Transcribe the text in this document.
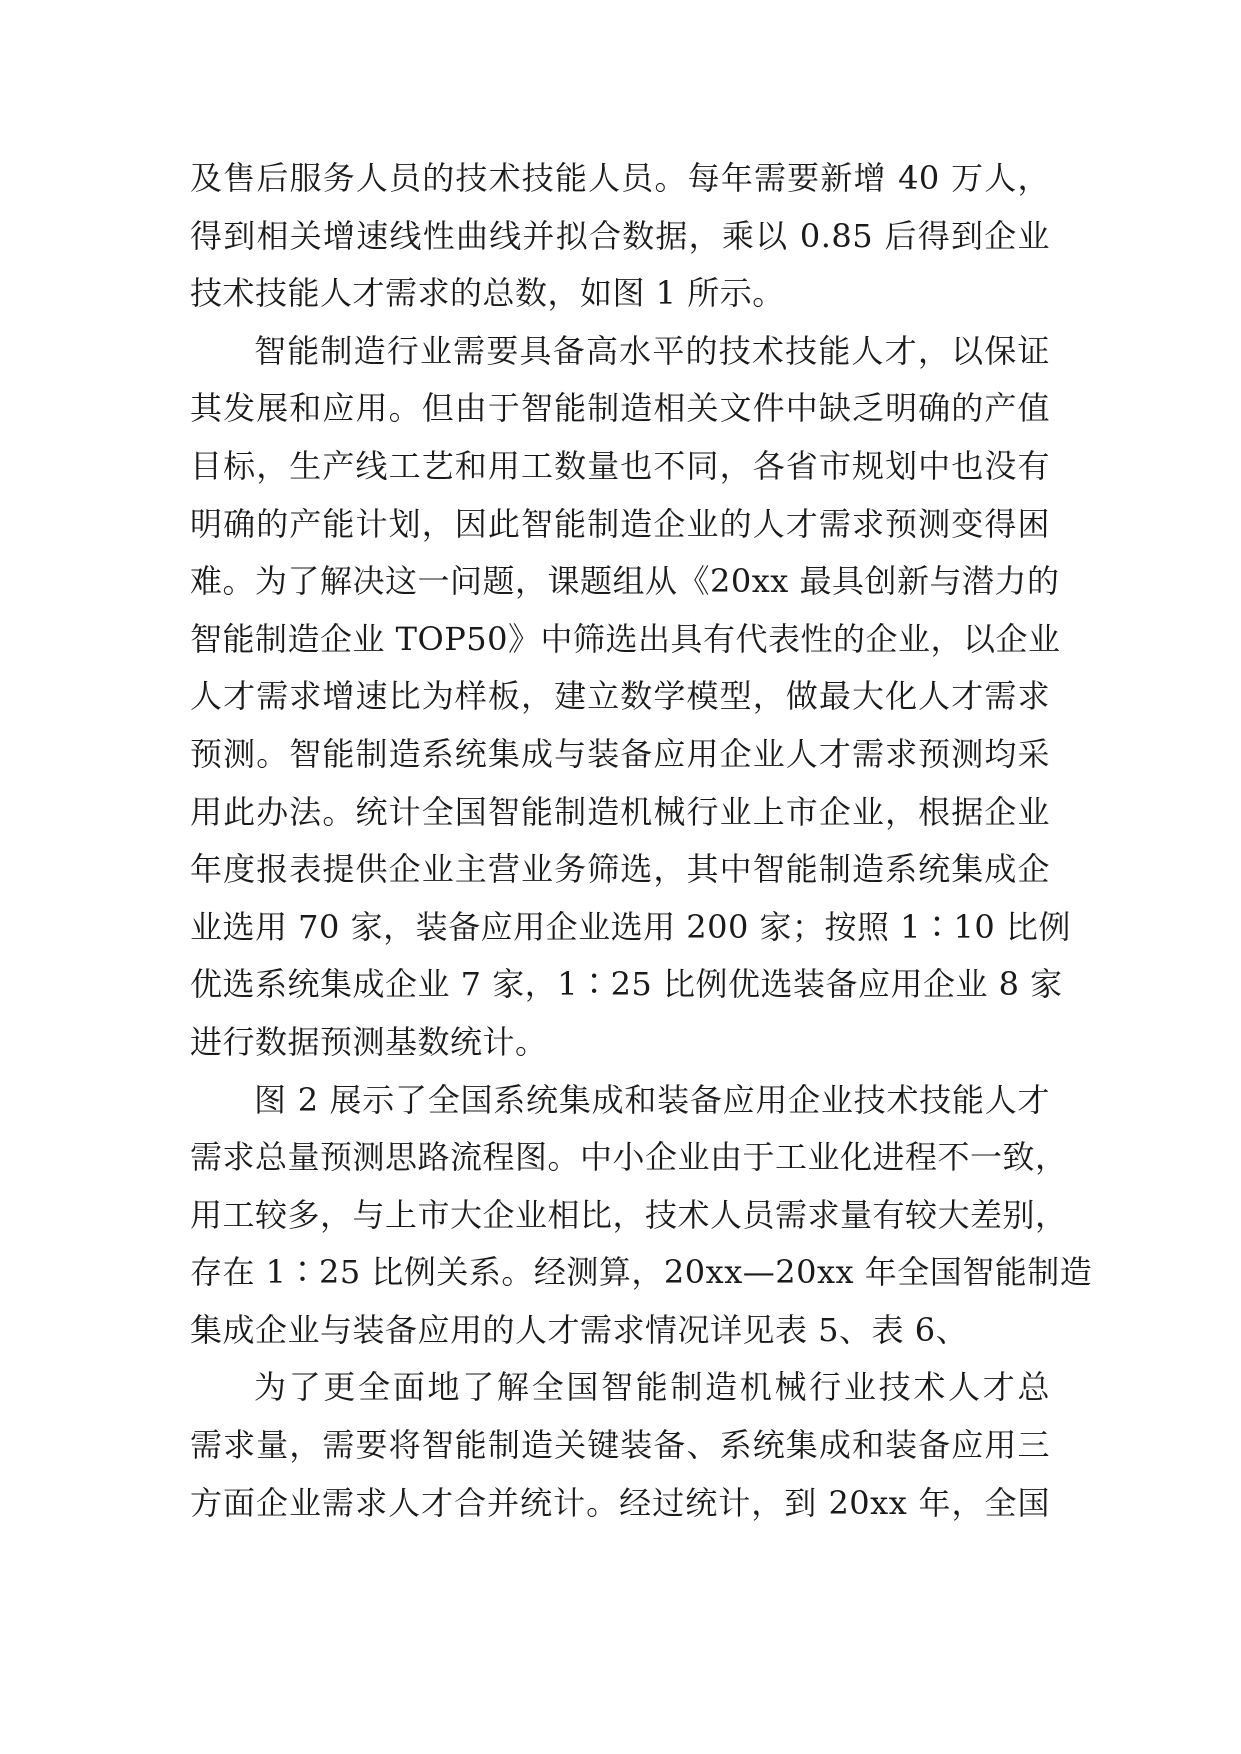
及售后服务人员的技术技能人员。每年需要新增 40 万人，
得到相关增速线性曲线并拟合数据，乘以 0.85 后得到企业
技术技能人才需求的总数，如图 1 所示。
智能制造行业需要具备高水平的技术技能人才，以保证
其发展和应用。但由于智能制造相关文件中缺乏明确的产值
目标，生产线工艺和用工数量也不同，各省市规划中也没有
明确的产能计划，因此智能制造企业的人才需求预测变得困
难。为了解决这一问题，课题组从《20xx 最具创新与潜力的
智能制造企业 TOP50》中筛选出具有代表性的企业，以企业
人才需求增速比为样板，建立数学模型，做最大化人才需求
预测。智能制造系统集成与装备应用企业人才需求预测均采
用此办法。统计全国智能制造机械行业上市企业，根据企业
年度报表提供企业主营业务筛选，其中智能制造系统集成企
业选用 70 家，装备应用企业选用 200 家；按照 1∶10 比例
优选系统集成企业 7 家，1∶25 比例优选装备应用企业 8 家
进行数据预测基数统计。
图 2 展示了全国系统集成和装备应用企业技术技能人才
需求总量预测思路流程图。中小企业由于工业化进程不一致，
用工较多，与上市大企业相比，技术人员需求量有较大差别，
存在 1∶25 比例关系。经测算，20xx—20xx 年全国智能制造
集成企业与装备应用的人才需求情况详见表 5、表 6、
为了更全面地了解全国智能制造机械行业技术人才总
需求量，需要将智能制造关键装备、系统集成和装备应用三
方面企业需求人才合并统计。经过统计，到 20xx 年，全国
